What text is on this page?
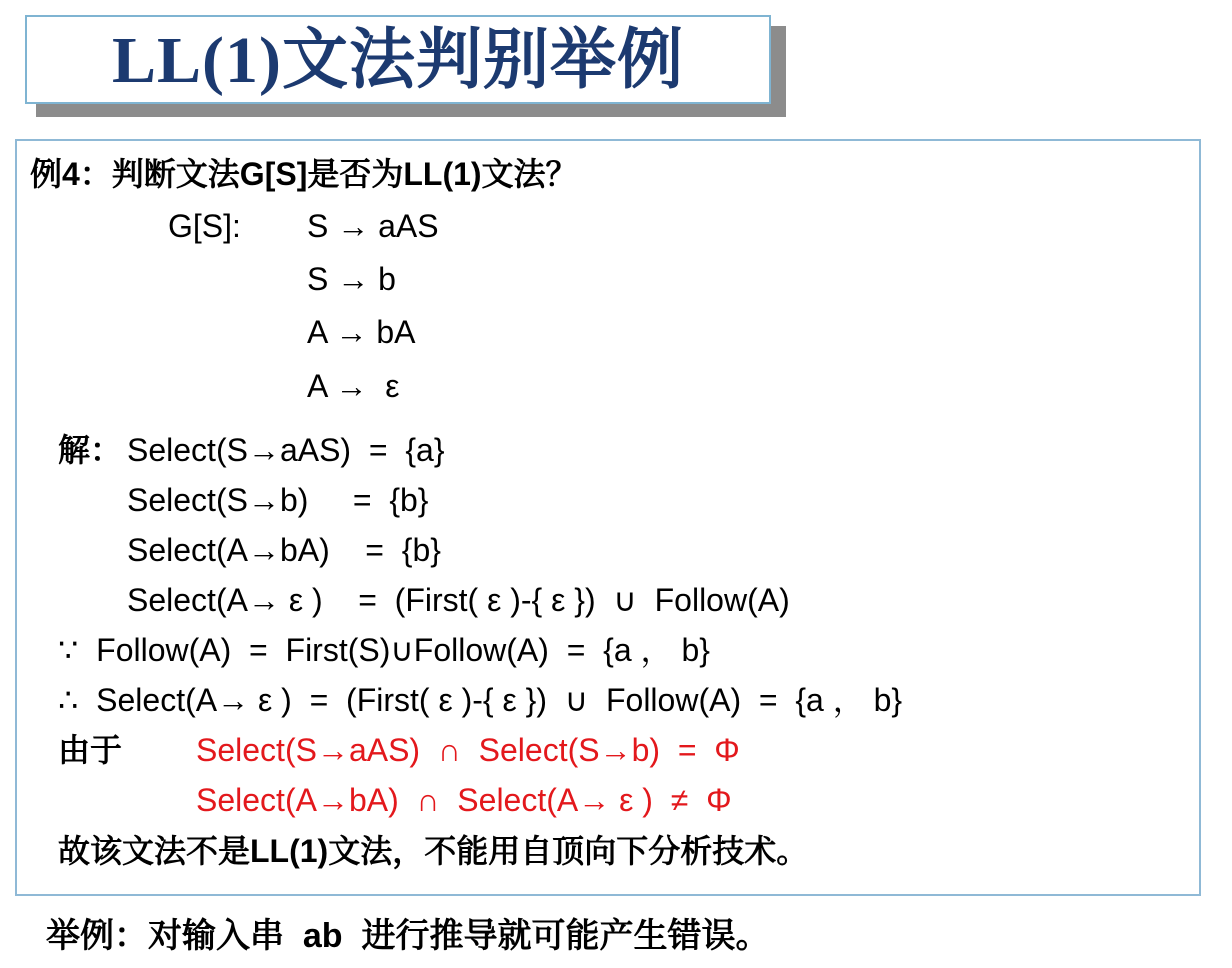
LL(1)文法判别举例
例4：判断文法G[S]是否为LL(1)文法？
G[S]: S → aAS
S → b
A → bA
A →  ε
解： Select(S→aAS)  =  {a}
Select(S→b)     =  {b}
Select(A→bA)    =  {b}
Select(A→ ε )    =  (First( ε )-{ ε })  ∪  Follow(A)
∵  Follow(A)  =  First(S)∪Follow(A)  =  {a ， b}
∴  Select(A→ ε )  =  (First( ε )-{ ε })  ∪  Follow(A)  =  {a ， b}
由于 Select(S→aAS)  ∩  Select(S→b)  =  Φ
Select(A→bA)  ∩  Select(A→ ε )  ≠  Φ
故该文法不是LL(1)文法，不能用自顶向下分析技术。
举例：对输入串  ab  进行推导就可能产生错误。
